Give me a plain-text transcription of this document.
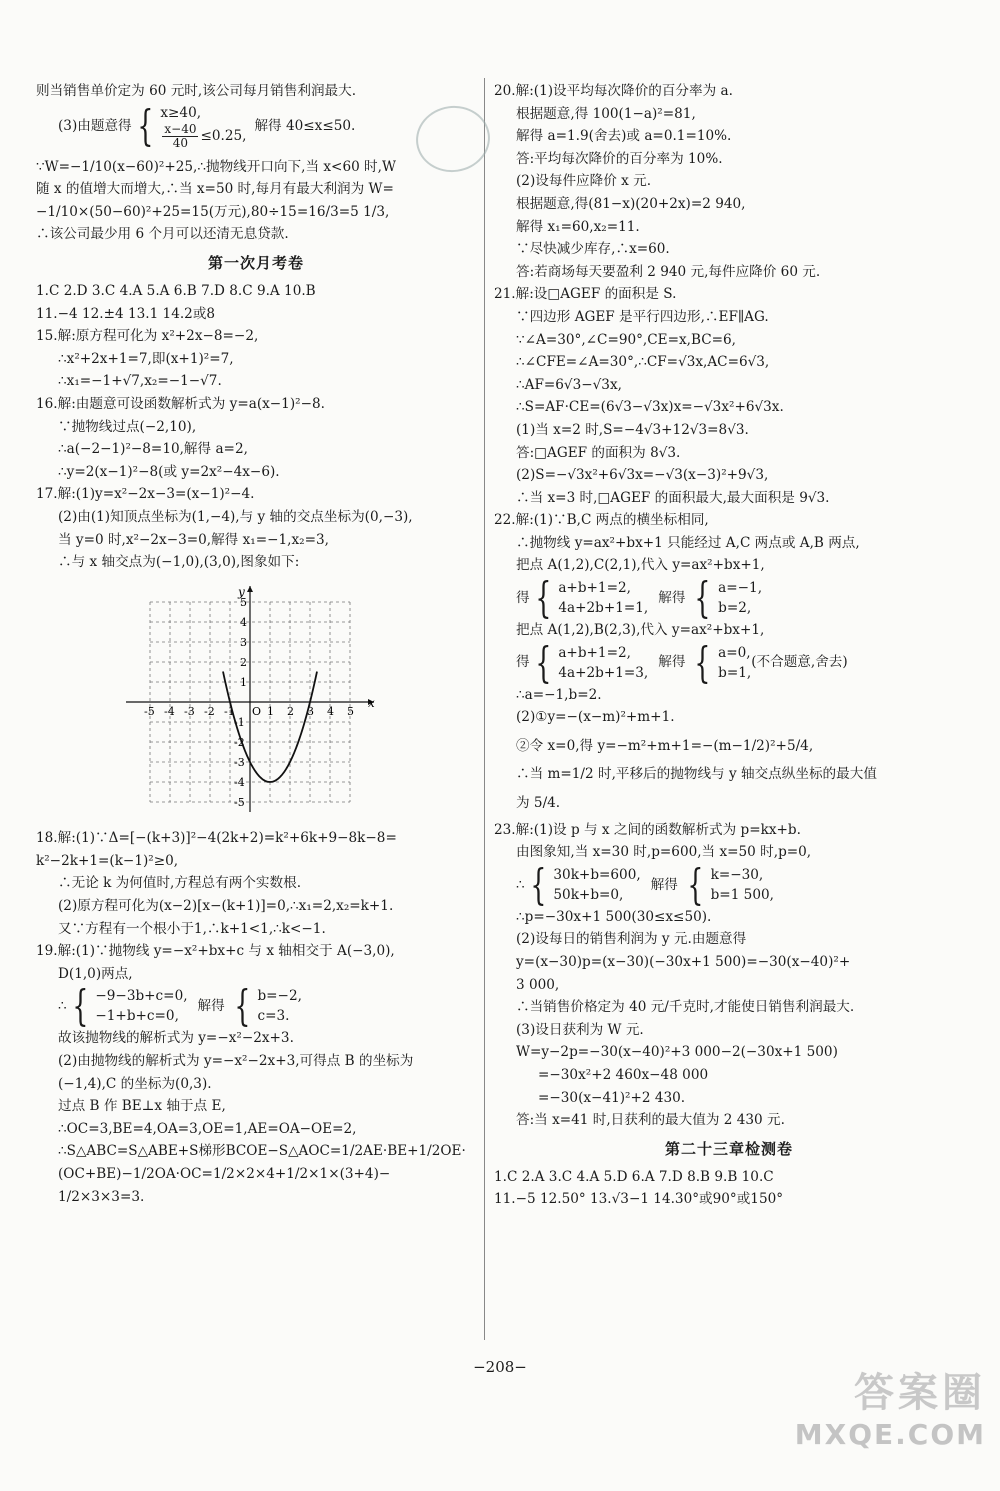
则当销售单价定为 60 元时,该公司每月销售利润最大.
(3)由题意得 { x≥40,
$\frac{x-40}{40} \le 0.25$,
解得 40≤x≤50.
∵W=−1/10(x−60)²+25,∴抛物线开口向下,当 x<60 时,W
随 x 的值增大而增大,∴当 x=50 时,每月有最大利润为 W=
−1/10×(50−60)²+25=15(万元),80÷15=16/3=5 1/3,
∴该公司最少用 6 个月可以还清无息贷款.
第一次月考卷
1.C 2.D 3.C 4.A 5.A 6.B 7.D 8.C 9.A 10.B
11.−4 12.±4 13.1 14.2或8
15.解:原方程可化为 x²+2x−8=−2,
∴x²+2x+1=7,即(x+1)²=7,
∴x₁=−1+√7,x₂=−1−√7.
16.解:由题意可设函数解析式为 y=a(x−1)²−8.
∵抛物线过点(−2,10),
∴a(−2−1)²−8=10,解得 a=2,
∴y=2(x−1)²−8(或 y=2x²−4x−6).
17.解:(1)y=x²−2x−3=(x−1)²−4.
(2)由(1)知顶点坐标为(1,−4),与 y 轴的交点坐标为(0,−3),
当 y=0 时,x²−2x−3=0,解得 x₁=−1,x₂=3,
∴与 x 轴交点为(−1,0),(3,0),图象如下:
x
y
O
-5 -4 -3 -2 -1	1 2 3 4 5
5
4
3
2
1
-1
-2
-3
-4
-5
18.解:(1)∵Δ=[−(k+3)]²−4(2k+2)=k²+6k+9−8k−8=
k²−2k+1=(k−1)²≥0,
∴无论 k 为何值时,方程总有两个实数根.
(2)原方程可化为(x−2)[x−(k+1)]=0,∴x₁=2,x₂=k+1.
又∵方程有一个根小于1,∴k+1<1,∴k<−1.
19.解:(1)∵抛物线 y=−x²+bx+c 与 x 轴相交于 A(−3,0),
D(1,0)两点,
∴ { −9−3b+c=0,
−1+b+c=0,
解得 { b=−2,
c=3.
故该抛物线的解析式为 y=−x²−2x+3.
(2)由抛物线的解析式为 y=−x²−2x+3,可得点 B 的坐标为
(−1,4),C 的坐标为(0,3).
过点 B 作 BE⊥x 轴于点 E,
∴OC=3,BE=4,OA=3,OE=1,AE=OA−OE=2,
∴S△ABC=S△ABE+S梯形BCOE−S△AOC=1/2AE·BE+1/2OE·
(OC+BE)−1/2OA·OC=1/2×2×4+1/2×1×(3+4)−
1/2×3×3=3.
20.解:(1)设平均每次降价的百分率为 a.
根据题意,得 100(1−a)²=81,
解得 a=1.9(舍去)或 a=0.1=10%.
答:平均每次降价的百分率为 10%.
(2)设每件应降价 x 元.
根据题意,得(81−x)(20+2x)=2 940,
解得 x₁=60,x₂=11.
∵尽快减少库存,∴x=60.
答:若商场每天要盈利 2 940 元,每件应降价 60 元.
21.解:设□AGEF 的面积是 S.
∵四边形 AGEF 是平行四边形,∴EF∥AG.
∵∠A=30°,∠C=90°,CE=x,BC=6,
∴∠CFE=∠A=30°,∴CF=√3x,AC=6√3,
∴AF=6√3−√3x,
∴S=AF·CE=(6√3−√3x)x=−√3x²+6√3x.
(1)当 x=2 时,S=−4√3+12√3=8√3.
答:□AGEF 的面积为 8√3.
(2)S=−√3x²+6√3x=−√3(x−3)²+9√3,
∴当 x=3 时,□AGEF 的面积最大,最大面积是 9√3.
22.解:(1)∵B,C 两点的横坐标相同,
∴抛物线 y=ax²+bx+1 只能经过 A,C 两点或 A,B 两点,
把点 A(1,2),C(2,1),代入 y=ax²+bx+1,
得 { a+b+1=2,
4a+2b+1=1,
解得 { a=−1,
b=2,
把点 A(1,2),B(2,3),代入 y=ax²+bx+1,
得 { a+b+1=2,
4a+2b+1=3,
解得 { a=0,
b=1,
(不合题意,舍去)
∴a=−1,b=2.
(2)①y=−(x−m)²+m+1.
②令 x=0,得 y=−m²+m+1=−(m−1/2)²+5/4,
∴当 m=1/2 时,平移后的抛物线与 y 轴交点纵坐标的最大值
为 5/4.
23.解:(1)设 p 与 x 之间的函数解析式为 p=kx+b.
由图象知,当 x=30 时,p=600,当 x=50 时,p=0,
∴ { 30k+b=600,
50k+b=0,
解得 { k=−30,
b=1 500,
∴p=−30x+1 500(30≤x≤50).
(2)设每日的销售利润为 y 元.由题意得
y=(x−30)p=(x−30)(−30x+1 500)=−30(x−40)²+
3 000,
∴当销售价格定为 40 元/千克时,才能使日销售利润最大.
(3)设日获利为 W 元.
W=y−2p=−30(x−40)²+3 000−2(−30x+1 500)
=−30x²+2 460x−48 000
=−30(x−41)²+2 430.
答:当 x=41 时,日获利的最大值为 2 430 元.
第二十三章检测卷
1.C 2.A 3.C 4.A 5.D 6.A 7.D 8.B 9.B 10.C
11.−5 12.50° 13.√3−1 14.30°或90°或150°
−208−
答案圈
MXQE.COM
